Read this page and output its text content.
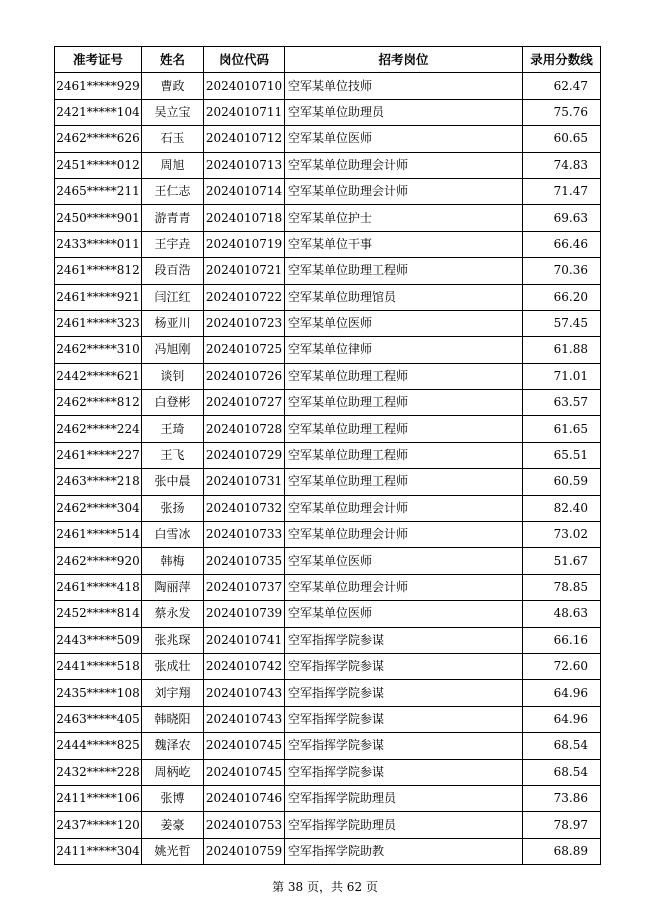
准考证号	姓名	岗位代码	招考岗位	录用分数线
2461*****929	曹政	2024010710	空军某单位技师	62.47
2421*****104	吴立宝	2024010711	空军某单位助理员	75.76
2462*****626	石玉	2024010712	空军某单位医师	60.65
2451*****012	周旭	2024010713	空军某单位助理会计师	74.83
2465*****211	王仁志	2024010714	空军某单位助理会计师	71.47
2450*****901	游青青	2024010718	空军某单位护士	69.63
2433*****011	王宇垚	2024010719	空军某单位干事	66.46
2461*****812	段百浩	2024010721	空军某单位助理工程师	70.36
2461*****921	闫江红	2024010722	空军某单位助理馆员	66.20
2461*****323	杨亚川	2024010723	空军某单位医师	57.45
2462*****310	冯旭刚	2024010725	空军某单位律师	61.88
2442*****621	谈钊	2024010726	空军某单位助理工程师	71.01
2462*****812	白登彬	2024010727	空军某单位助理工程师	63.57
2462*****224	王琦	2024010728	空军某单位助理工程师	61.65
2461*****227	王飞	2024010729	空军某单位助理工程师	65.51
2463*****218	张中晨	2024010731	空军某单位助理工程师	60.59
2462*****304	张扬	2024010732	空军某单位助理会计师	82.40
2461*****514	白雪冰	2024010733	空军某单位助理会计师	73.02
2462*****920	韩梅	2024010735	空军某单位医师	51.67
2461*****418	陶丽萍	2024010737	空军某单位助理会计师	78.85
2452*****814	蔡永发	2024010739	空军某单位医师	48.63
2443*****509	张兆琛	2024010741	空军指挥学院参谋	66.16
2441*****518	张成壮	2024010742	空军指挥学院参谋	72.60
2435*****108	刘宇翔	2024010743	空军指挥学院参谋	64.96
2463*****405	韩晓阳	2024010743	空军指挥学院参谋	64.96
2444*****825	魏泽农	2024010745	空军指挥学院参谋	68.54
2432*****228	周柄屹	2024010745	空军指挥学院参谋	68.54
2411*****106	张博	2024010746	空军指挥学院助理员	73.86
2437*****120	姜豪	2024010753	空军指挥学院助理员	78.97
2411*****304	姚光哲	2024010759	空军指挥学院助教	68.89
第 38 页，共 62 页
